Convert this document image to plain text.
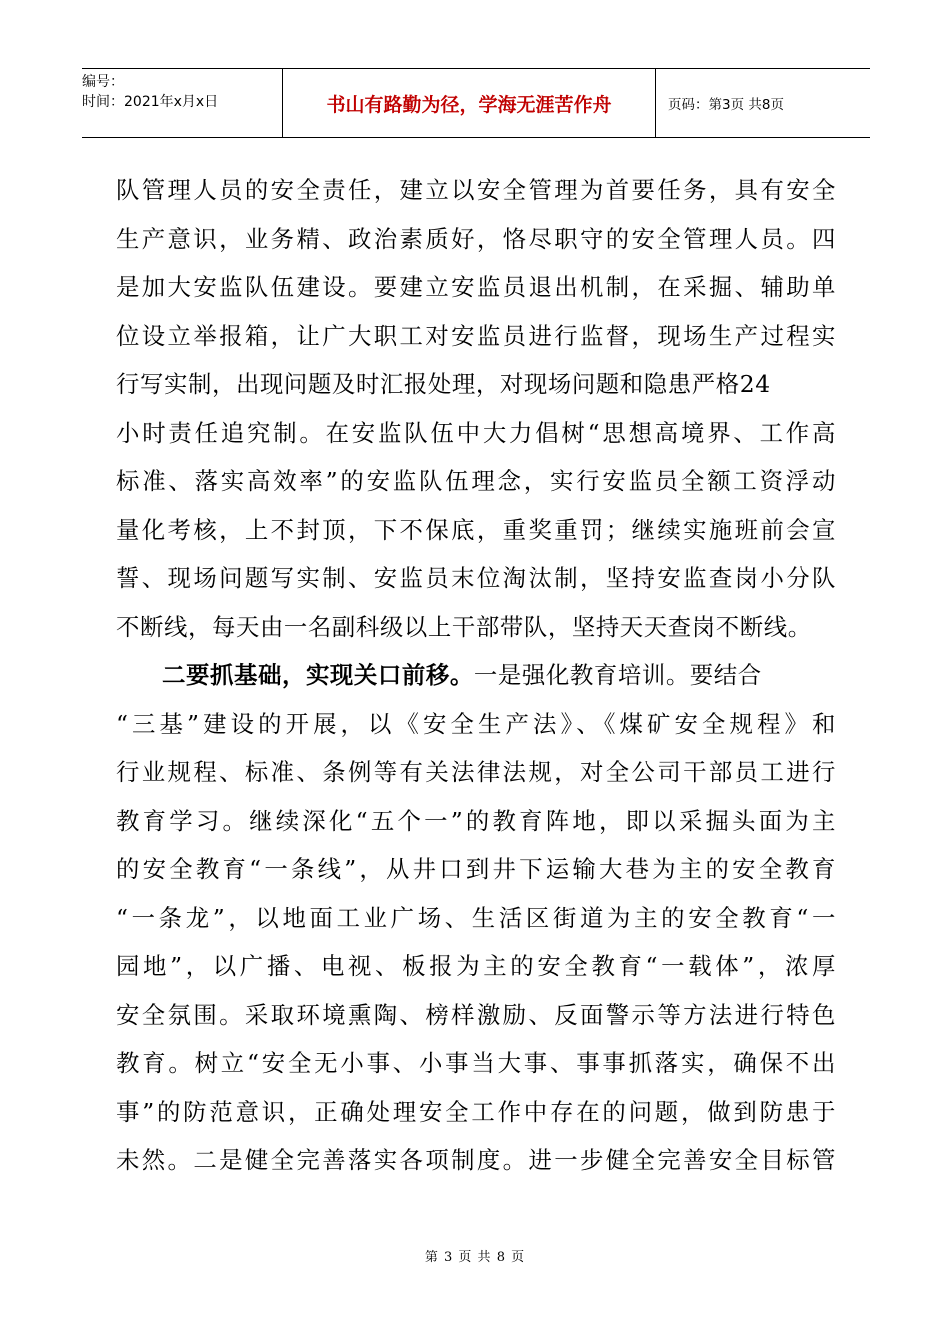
编号：
时间：2021年x月x日	书山有路勤为径，学海无涯苦作舟	页码：第3页 共8页
队管理人员的安全责任，建立以安全管理为首要任务，具有安全
生产意识，业务精、政治素质好，恪尽职守的安全管理人员。四
是加大安监队伍建设。要建立安监员退出机制，在采掘、辅助单
位设立举报箱，让广大职工对安监员进行监督，现场生产过程实
行写实制，出现问题及时汇报处理，对现场问题和隐患严格24
小时责任追究制。在安监队伍中大力倡树“思想高境界、工作高
标准、落实高效率”的安监队伍理念，实行安监员全额工资浮动
量化考核，上不封顶，下不保底，重奖重罚；继续实施班前会宣
誓、现场问题写实制、安监员末位淘汰制，坚持安监查岗小分队
不断线，每天由一名副科级以上干部带队，坚持天天查岗不断线。
二要抓基础，实现关口前移。一是强化教育培训。要结合
“三基”建设的开展，以《安全生产法》、《煤矿安全规程》和
行业规程、标准、条例等有关法律法规，对全公司干部员工进行
教育学习。继续深化“五个一”的教育阵地，即以采掘头面为主
的安全教育“一条线”，从井口到井下运输大巷为主的安全教育
“一条龙”，以地面工业广场、生活区街道为主的安全教育“一
园地”，以广播、电视、板报为主的安全教育“一载体”，浓厚
安全氛围。采取环境熏陶、榜样激励、反面警示等方法进行特色
教育。树立“安全无小事、小事当大事、事事抓落实，确保不出
事”的防范意识，正确处理安全工作中存在的问题，做到防患于
未然。二是健全完善落实各项制度。进一步健全完善安全目标管
第 3 页 共 8 页
